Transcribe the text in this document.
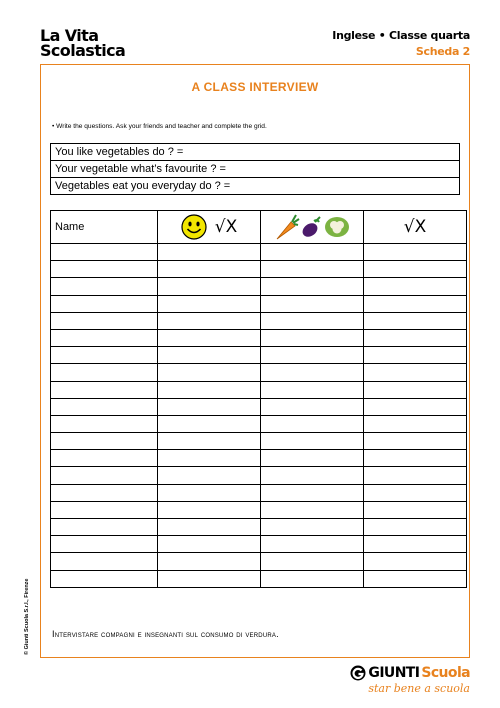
La Vita
Scolastica
Inglese • Classe quarta
Scheda 2
A CLASS INTERVIEW
• Write the questions. Ask your friends and teacher and complete the grid.
You like vegetables do ? =
Your vegetable what’s favourite ? =
Vegetables eat you everyday do ? =
Name	√X		√X

© Giunti Scuola S.r.l., Firenze Intervistare compagni e insegnanti sul consumo di verdura.
GIUNTI Scuola
star bene a scuola
